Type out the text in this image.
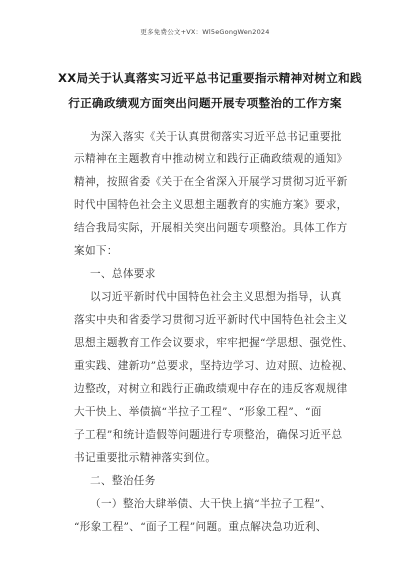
更多免费公文+VX：Wl5eGongWen2024
XX局关于认真落实习近平总书记重要指示精神对树立和践
行正确政绩观方面突出问题开展专项整治的工作方案
为深入落实《关于认真贯彻落实习近平总书记重要批
示精神在主题教育中推动树立和践行正确政绩观的通知》
精神，按照省委《关于在全省深入开展学习贯彻习近平新
时代中国特色社会主义思想主题教育的实施方案》要求，
结合我局实际，开展相关突出问题专项整治。具体工作方
案如下：
一、总体要求
以习近平新时代中国特色社会主义思想为指导，认真
落实中央和省委学习贯彻习近平新时代中国特色社会主义
思想主题教育工作会议要求，牢牢把握“学思想、强党性、
重实践、建新功”总要求，坚持边学习、边对照、边检视、
边整改，对树立和践行正确政绩观中存在的违反客观规律
大干快上、举债搞“半拉子工程”、“形象工程”、“面
子工程”和统计造假等问题进行专项整治，确保习近平总
书记重要批示精神落实到位。
二、整治任务
（一）整治大肆举债、大干快上搞“半拉子工程”、
“形象工程”、“面子工程”问题。重点解决急功近利、
